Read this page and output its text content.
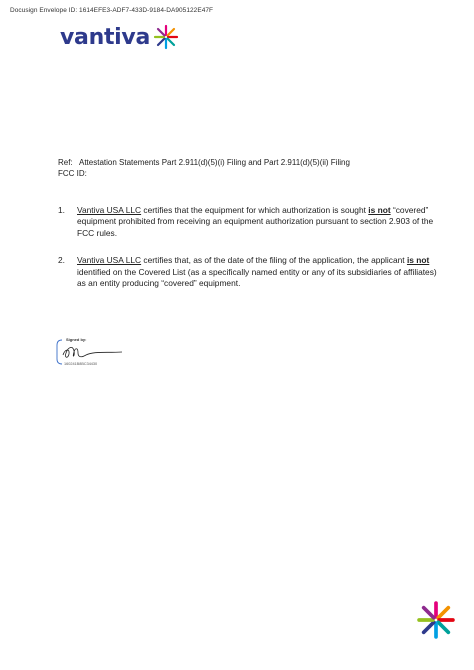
Docusign Envelope ID: 1614EFE3-ADF7-433D-9184-DA905122E47F
vantiva
Ref: Attestation Statements Part 2.911(d)(5)(i) Filing and Part 2.911(d)(5)(ii) Filing
FCC ID:
1.	Vantiva USA LLC certifies that the equipment for which authorization is sought is not “covered” equipment prohibited from receiving an equipment authorization pursuant to section 2.903 of the FCC rules.
2.	Vantiva USA LLC certifies that, as of the date of the filing of the application, the applicant is not identified on the Covered List (as a specifically named entity or any of its subsidiaries of affiliates) as an entity producing “covered” equipment.
Signed by:
160241B8BC34430
